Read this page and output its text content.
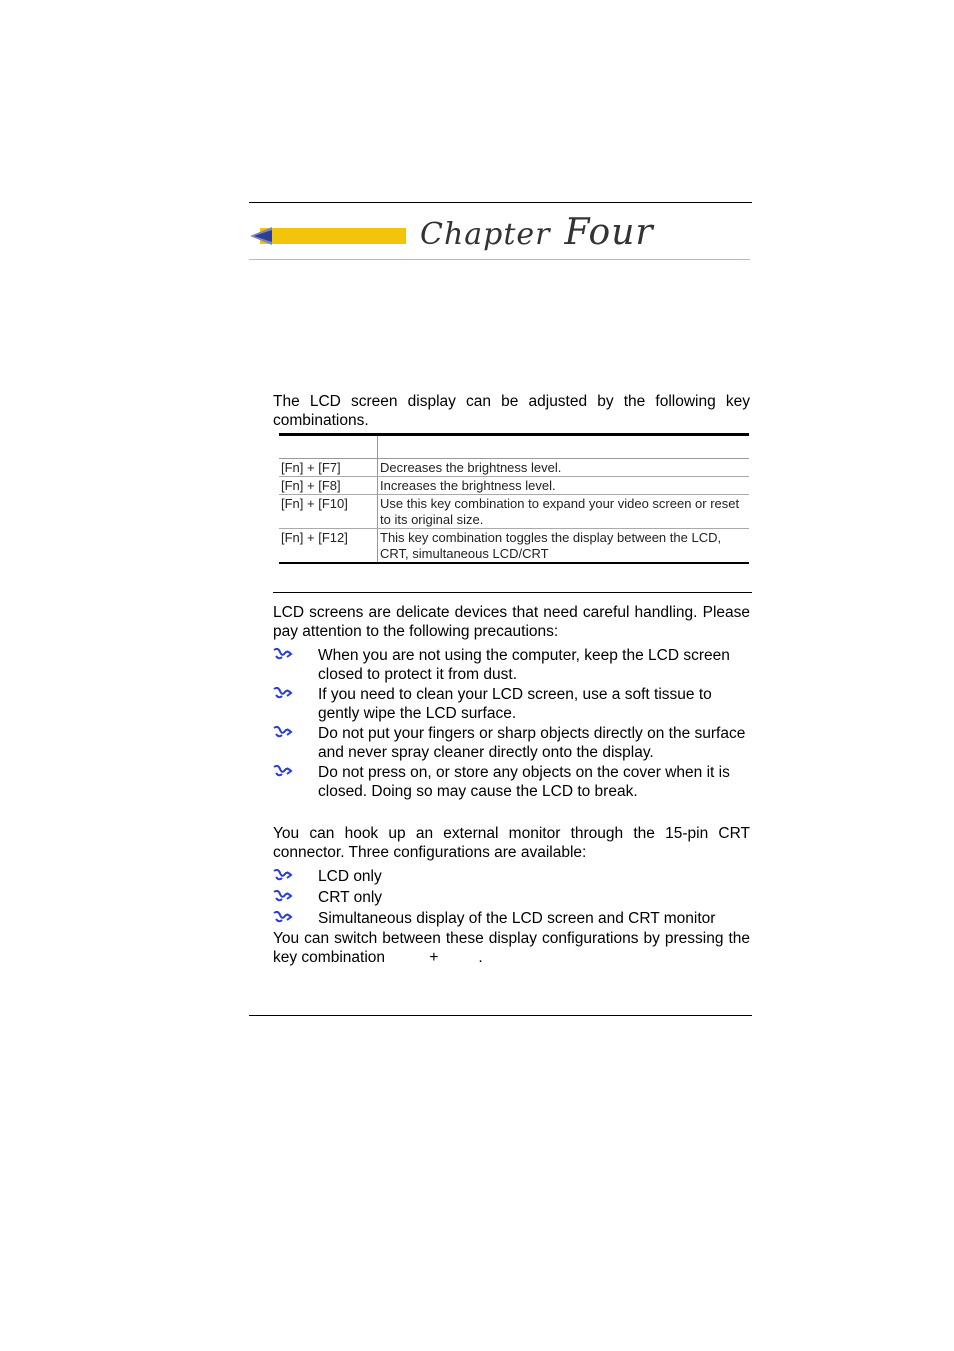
Chapter Four
The LCD screen display can be adjusted by the following key combinations.

[Fn] + [F7]	Decreases the brightness level.
[Fn] + [F8]	Increases the brightness level.
[Fn] + [F10]	Use this key combination to expand your video screen or reset to its original size.
[Fn] + [F12]	This key combination toggles the display between the LCD, CRT, simultaneous LCD/CRT
LCD screens are delicate devices that need careful handling. Please pay attention to the following precautions:
When you are not using the computer, keep the LCD screen closed to protect it from dust.
If you need to clean your LCD screen, use a soft tissue to gently wipe the LCD surface.
Do not put your fingers or sharp objects directly on the surface and never spray cleaner directly onto the display.
Do not press on, or store any objects on the cover when it is closed. Doing so may cause the LCD to break.
You can hook up an external monitor through the 15-pin CRT connector. Three configurations are available:
LCD only
CRT only
Simultaneous display of the LCD screen and CRT monitor
You can switch between these display configurations by pressing the key combination	+	.
